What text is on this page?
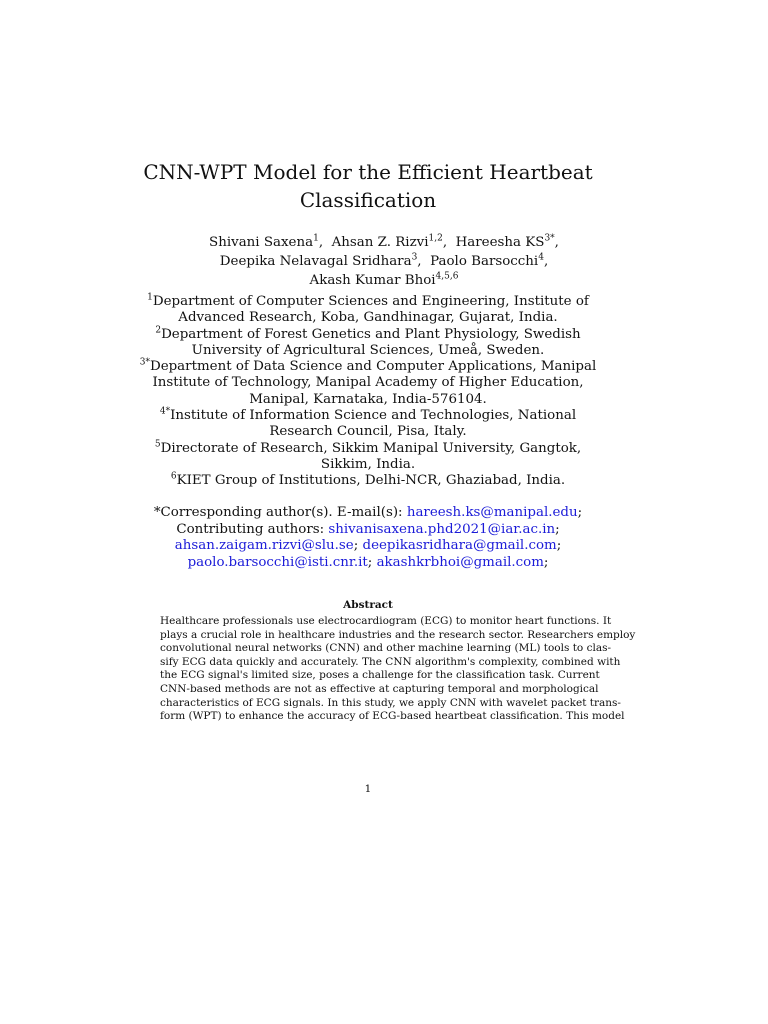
CNN-WPT Model for the Efficient Heartbeat
Classification
Shivani Saxena$^1$,  Ahsan Z. Rizvi$^{1,2}$,  Hareesha $KS^{3*}$,
Deepika Nelavagal Sridhara$^3$,  Paolo Barsocchi$^4$,
Akash Kumar Bhoi$^{4,5,6}$
$^1$Department of Computer Sciences and Engineering, Institute of Advanced Research, Koba, Gandhinagar, Gujarat, India.
$^2$Department of Forest Genetics and Plant Physiology, Swedish University of Agricultural Sciences, Umeå, Sweden.
$^{3*}$Department of Data Science and Computer Applications, Manipal Institute of Technology, Manipal Academy of Higher Education, Manipal, Karnataka, India-576104.
$^{4*}$Institute of Information Science and Technologies, National Research Council, Pisa, Italy.
$^5$Directorate of Research, Sikkim Manipal University, Gangtok, Sikkim, India.
$^6$KIET Group of Institutions, Delhi-NCR, Ghaziabad, India.
*Corresponding author(s). E-mail(s): hareesh.ks@manipal.edu;
Contributing authors: shivanisaxena.phd2021@iar.ac.in;
ahsan.zaigam.rizvi@slu.se; deepikasridhara@gmail.com;
paolo.barsocchi@isti.cnr.it; akashkrbhoi@gmail.com;
Abstract
Healthcare professionals use electrocardiogram (ECG) to monitor heart functions. It
plays a crucial role in healthcare industries and the research sector. Researchers employ
convolutional neural networks (CNN) and other machine learning (ML) tools to clas-
sify ECG data quickly and accurately. The CNN algorithm's complexity, combined with
the ECG signal's limited size, poses a challenge for the classification task. Current
CNN-based methods are not as effective at capturing temporal and morphological
characteristics of ECG signals. In this study, we apply CNN with wavelet packet trans-
form (WPT) to enhance the accuracy of ECG-based heartbeat classification. This model
1
